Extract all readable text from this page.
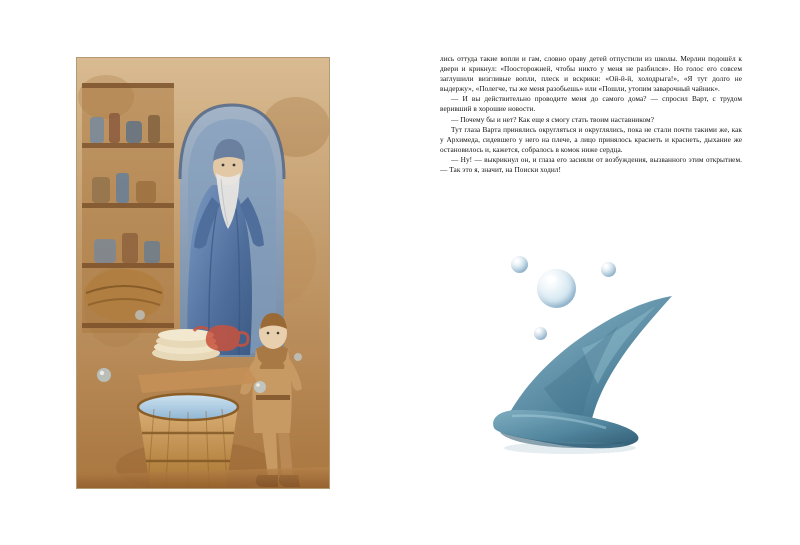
лись оттуда такие вопли и гам, словно ораву детей отпустили из школы. Мерлин подошёл к двери и крикнул: «Поосторожней, чтобы никто у меня не разбился». Но голос его совсем заглушили визгливые вопли, плеск и вскрики: «Ой-й-й, холодрыга!», «Я тут долго не выдержу», «Полегче, ты же меня разобьешь» или «Пошли, утопим заварочный чайник».

— И вы действительно проводите меня до самого дома? — спросил Варт, с трудом веривший в хорошие новости.

— Почему бы и нет? Как еще я смогу стать твоим наставником?

Тут глаза Варта принялись округляться и округлялись, пока не стали почти такими же, как у Архимеда, сидевшего у него на плече, а лицо принялось краснеть и краснеть, дыхание же остановилось и, кажется, собралось в комок ниже сердца.

— Ну! — выкрикнул он, и глаза его засияли от возбуждения, вызванного этим открытием. — Так это я, значит, на Поиски ходил!
